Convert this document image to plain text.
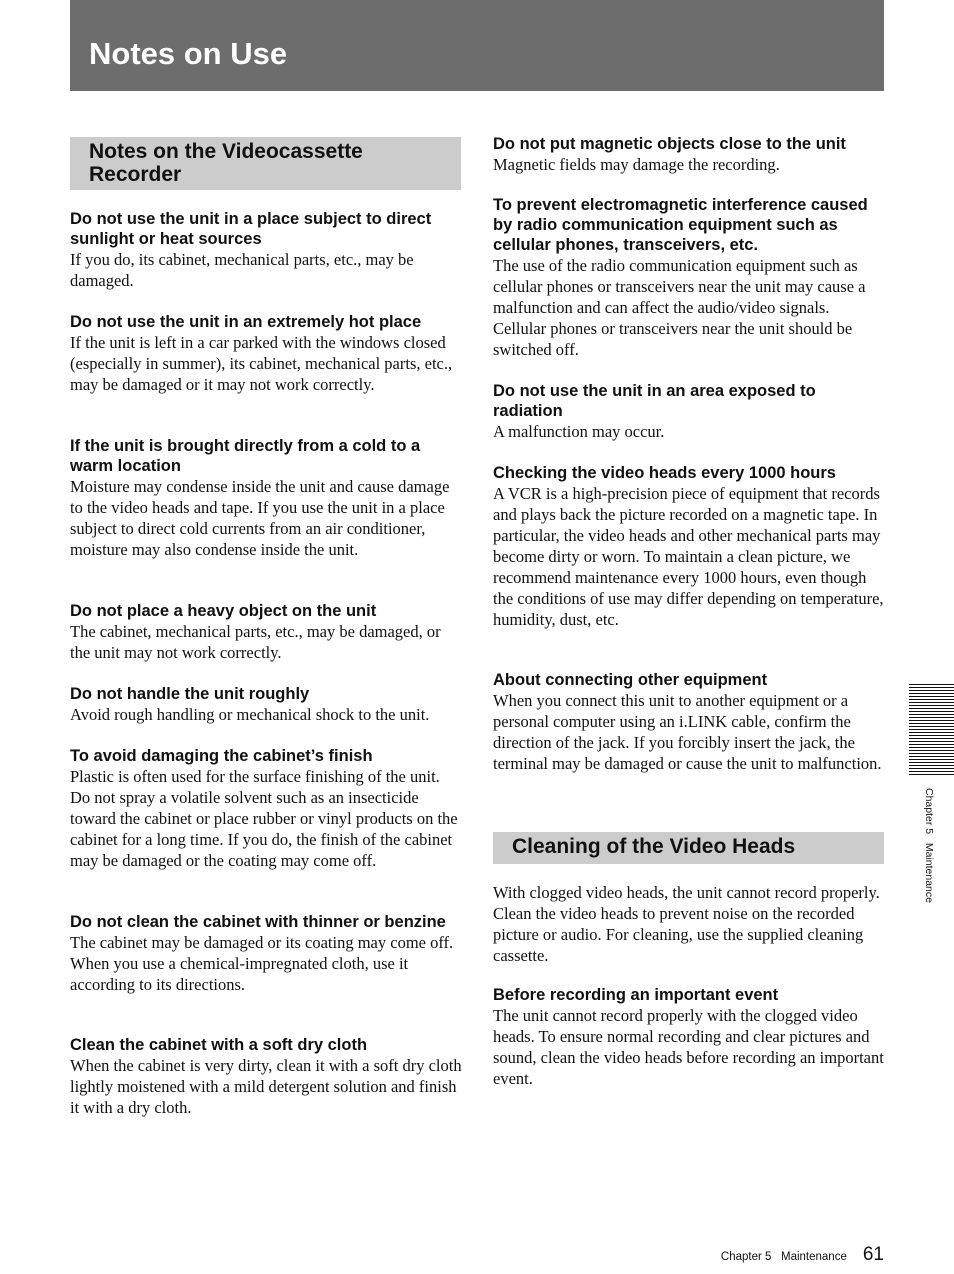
Notes on Use
Notes on the Videocassette
Recorder
Do not use the unit in a place subject to direct sunlight or heat sources

If you do, its cabinet, mechanical parts, etc., may be damaged.

Do not use the unit in an extremely hot place

If the unit is left in a car parked with the windows closed (especially in summer), its cabinet, mechanical parts, etc., may be damaged or it may not work correctly.

If the unit is brought directly from a cold to a warm location

Moisture may condense inside the unit and cause damage to the video heads and tape. If you use the unit in a place subject to direct cold currents from an air conditioner, moisture may also condense inside the unit.

Do not place a heavy object on the unit

The cabinet, mechanical parts, etc., may be damaged, or the unit may not work correctly.

Do not handle the unit roughly

Avoid rough handling or mechanical shock to the unit.

To avoid damaging the cabinet’s finish

Plastic is often used for the surface finishing of the unit. Do not spray a volatile solvent such as an insecticide toward the cabinet or place rubber or vinyl products on the cabinet for a long time. If you do, the finish of the cabinet may be damaged or the coating may come off.

Do not clean the cabinet with thinner or benzine

The cabinet may be damaged or its coating may come off. When you use a chemical-impregnated cloth, use it according to its directions.

Clean the cabinet with a soft dry cloth

When the cabinet is very dirty, clean it with a soft dry cloth lightly moistened with a mild detergent solution and finish it with a dry cloth.

Do not put magnetic objects close to the unit

Magnetic fields may damage the recording.

To prevent electromagnetic interference caused by radio communication equipment such as cellular phones, transceivers, etc.

The use of the radio communication equipment such as cellular phones or transceivers near the unit may cause a malfunction and can affect the audio/video signals. Cellular phones or transceivers near the unit should be switched off.

Do not use the unit in an area exposed to radiation

A malfunction may occur.

Checking the video heads every 1000 hours

A VCR is a high-precision piece of equipment that records and plays back the picture recorded on a magnetic tape. In particular, the video heads and other mechanical parts may become dirty or worn. To maintain a clean picture, we recommend maintenance every 1000 hours, even though the conditions of use may differ depending on temperature, humidity, dust, etc.

About connecting other equipment

When you connect this unit to another equipment or a personal computer using an i.LINK cable, confirm the direction of the jack. If you forcibly insert the jack, the terminal may be damaged or cause the unit to malfunction.

Cleaning of the Video Heads

With clogged video heads, the unit cannot record properly. Clean the video heads to prevent noise on the recorded picture or audio. For cleaning, use the supplied cleaning cassette.

Before recording an important event

The unit cannot record properly with the clogged video heads. To ensure normal recording and clear pictures and sound, clean the video heads before recording an important event.

Chapter 5   Maintenance

Chapter 5   Maintenance 61
